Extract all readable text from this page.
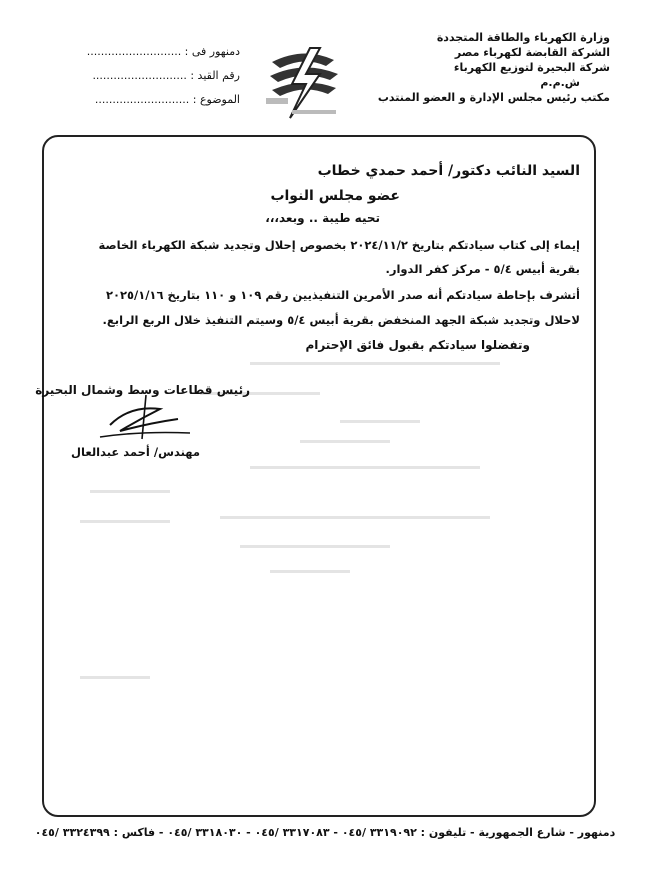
وزارة الكهرباء والطاقة المتجددة
الشركة القابضة لكهرباء مصر
شركة البحيرة لتوزيع الكهرباء
ش.م.م
مكتب رئيس مجلس الإدارة و العضو المنتدب
دمنهور فى : ...........................
رقم القيد : ...........................
الموضوع : ...........................
السيد النائب دكتور/ أحمد حمدي خطاب
عضو مجلس النواب
تحيه طيبة .. وبعد،،،
إيماء إلى كتاب سيادتكم بتاريخ ٢٠٢٤/١١/٢ بخصوص إحلال وتجديد شبكة الكهرباء الخاصة
بقرية أبيس ٥/٤ - مركز كفر الدوار.
أتشرف بإحاطة سيادتكم أنه صدر الأمرين التنفيذيين رقم ١٠٩ و ١١٠ بتاريخ ٢٠٢٥/١/١٦
لاحلال وتجديد شبكة الجهد المنخفض بقرية أبيس ٥/٤ وسيتم التنفيذ خلال الربع الرابع.
وتفضلوا سيادتكم بقبول فائق الإحترام
رئيس قطاعات وسط وشمال البحيرة
مهندس/ أحمد عبدالعال
دمنهور - شارع الجمهورية - تليفون : ٣٣١٩٠٩٢ /٠٤٥ - ٣٣١٧٠٨٣ /٠٤٥ - ٣٣١٨٠٣٠ /٠٤٥ - فاكس : ٣٣٢٤٣٩٩ /٠٤٥
